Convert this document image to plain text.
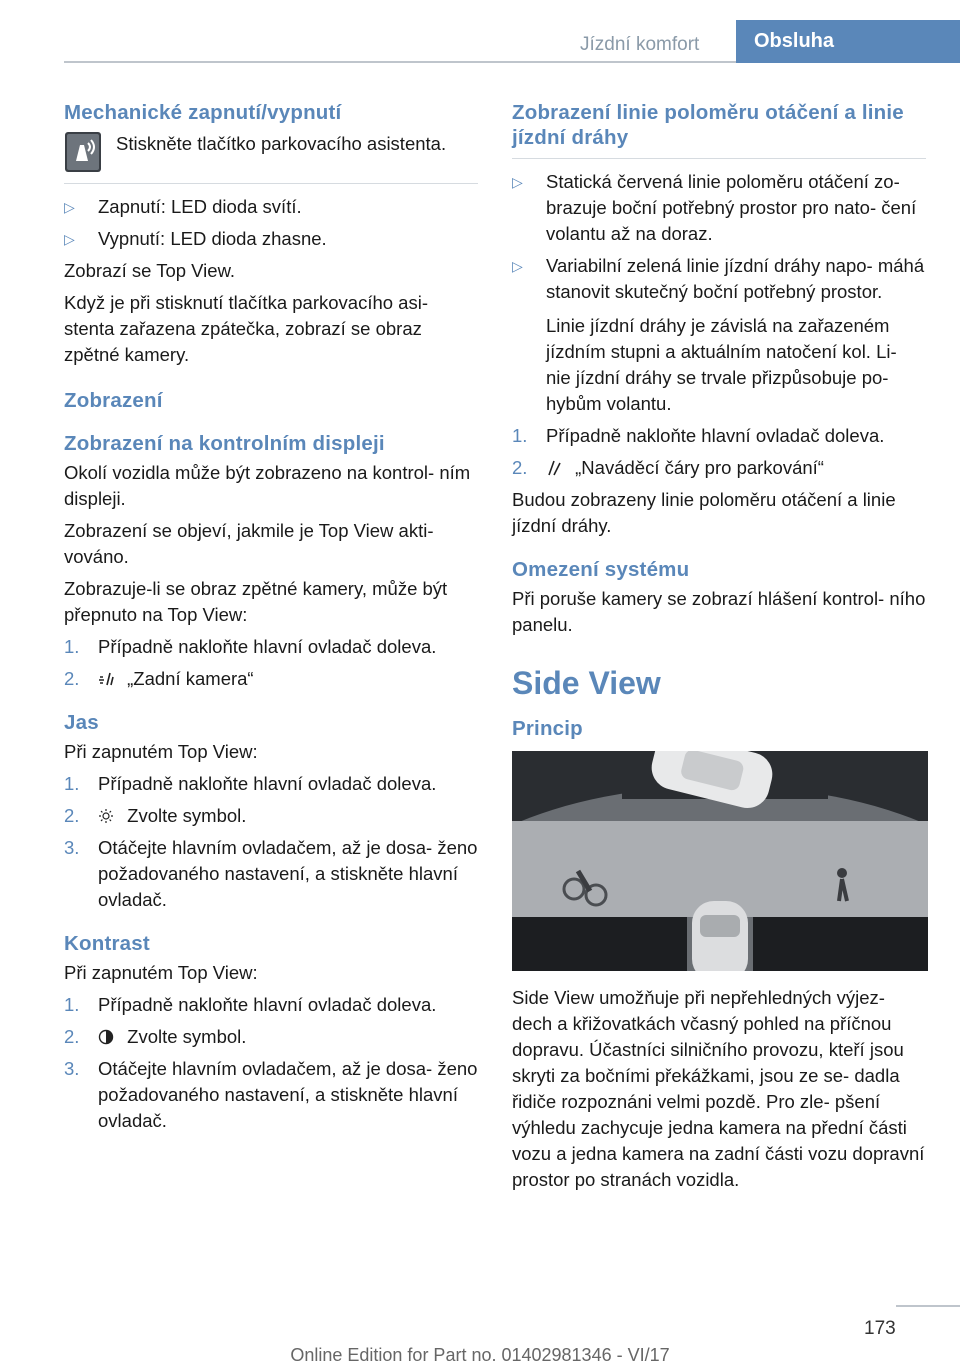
Jízdní komfort	Obsluha
Mechanické zapnutí/vypnutí
Stiskněte tlačítko parkovacího asistenta.
▷ Zapnutí: LED dioda svítí.
▷ Vypnutí: LED dioda zhasne.
Zobrazí se Top View.
Když je při stisknutí tlačítka parkovacího asi‐ stenta zařazena zpátečka, zobrazí se obraz zpětné kamery.
Zobrazení
Zobrazení na kontrolním displeji
Okolí vozidla může být zobrazeno na kontrol‐ ním displeji.
Zobrazení se objeví, jakmile je Top View akti‐ vováno.
Zobrazuje-li se obraz zpětné kamery, může být přepnuto na Top View:
1. Případně nakloňte hlavní ovladač doleva.
2.	„Zadní kamera“
Jas
Při zapnutém Top View:
1. Případně nakloňte hlavní ovladač doleva.
2.	Zvolte symbol.
3. Otáčejte hlavním ovladačem, až je dosa‐ ženo požadovaného nastavení, a stiskněte hlavní ovladač.
Kontrast
Při zapnutém Top View:
1. Případně nakloňte hlavní ovladač doleva.
2.	Zvolte symbol.
3. Otáčejte hlavním ovladačem, až je dosa‐ ženo požadovaného nastavení, a stiskněte hlavní ovladač.
Zobrazení linie poloměru otáčení a linie jízdní dráhy
▷ Statická červená linie poloměru otáčení zo‐ brazuje boční potřebný prostor pro nato‐ čení volantu až na doraz.
▷ Variabilní zelená linie jízdní dráhy napo‐ máhá stanovit skutečný boční potřebný prostor.
Linie jízdní dráhy je závislá na zařazeném jízdním stupni a aktuálním natočení kol. Li‐ nie jízdní dráhy se trvale přizpůsobuje po‐ hybům volantu.
1. Případně nakloňte hlavní ovladač doleva.
2.	„Naváděcí čáry pro parkování“
Budou zobrazeny linie poloměru otáčení a linie jízdní dráhy.
Omezení systému
Při poruše kamery se zobrazí hlášení kontrol‐ ního panelu.
Side View
Princip
Side View umožňuje při nepřehledných výjez‐ dech a křižovatkách včasný pohled na příčnou dopravu. Účastníci silničního provozu, kteří jsou skryti za bočními překážkami, jsou ze se‐ dadla řidiče rozpoznáni velmi pozdě. Pro zle‐ pšení výhledu zachycuje jedna kamera na přední části vozu a jedna kamera na zadní části vozu dopravní prostor po stranách vozidla.
173
Online Edition for Part no. 01402981346 - VI/17
